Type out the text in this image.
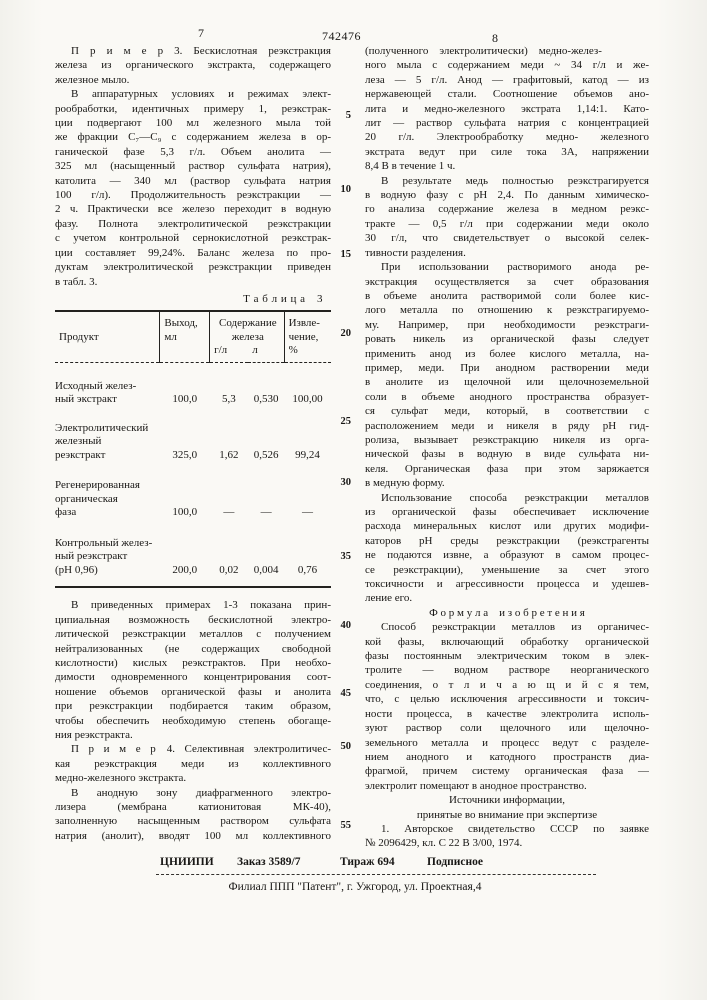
7	742476	8
П р и м е р 3. Бескислотная реэкстракция
железа из органического экстракта, содержащего
железное мыло.
В аппаратурных условиях и режимах элект-
рообработки, идентичных примеру 1, реэкстрак-
ции подвергают 100 мл железного мыла той
же фракции С₇—С₉ с содержанием железа в ор-
ганической фазе 5,3 г/л. Объем анолита —
325 мл (насыщенный раствор сульфата натрия),
католита — 340 мл (раствор сульфата натрия
100 г/л). Продолжительность реэкстракции —
2 ч. Практически все железо переходит в водную
фазу. Полнота электролитической реэкстракции
с учетом контрольной сернокислотной реэкстрак-
ции составляет 99,24%. Баланс железа по про-
дуктам электролитической реэкстракции приведен
в табл. 3.
Т а б л и ц а 3
Продукт	Выход,
мл	Содержание
железа		Извле-
чение,
%
		г/л	л	
Исходный желез-
ный экстракт	100,0	5,3	0,530	100,00
Электролитический
железный
реэкстракт	325,0	1,62	0,526	99,24
Регенерированная
органическая
фаза	100,0	—	—	—
Контрольный желез-
ный реэкстракт
(pH 0,96)	200,0	0,02	0,004	0,76
В приведенных примерах 1-3 показана прин-
ципиальная возможность бескислотной электро-
литической реэкстракции металлов с получением
нейтрализованных (не содержащих свободной
кислотности) кислых реэкстрактов. При необхо-
димости одновременного концентрирования соот-
ношение объемов органической фазы и анолита
при реэкстракции подбирается таким образом,
чтобы обеспечить необходимую степень обогаще-
ния реэкстракта.
П р и м е р 4. Селективная электролитичес-
кая реэкстракция меди из коллективного
медно-железного экстракта.
В анодную зону диафрагменного электро-
лизера (мембрана катионитовая МК-40),
заполненную насыщенным раствором сульфата
натрия (анолит), вводят 100 мл коллективного
(полученного электролитически) медно-желез-
ного мыла с содержанием меди ~ 34 г/л и же-
леза — 5 г/л. Анод — графитовый, катод — из
нержавеющей стали. Соотношение объемов ано-
лита и медно-железного экстрата 1,14:1. Като-
лит — раствор сульфата натрия с концентрацией
20 г/л. Электрообработку медно- железного
экстрата ведут при силе тока 3А, напряжении
8,4 В в течение 1 ч.
В результате медь полностью реэкстрагируется
в водную фазу с рН 2,4. По данным химическо-
го анализа содержание железа в медном реэкс-
тракте — 0,5 г/л при содержании меди около
30 г/л, что свидетельствует о высокой селек-
тивности разделения.
При использовании растворимого анода ре-
экстракция осуществляется за счет образования
в объеме анолита растворимой соли более кис-
лого металла по отношению к реэкстрагируемо-
му. Например, при необходимости реэкстраги-
ровать никель из органической фазы следует
применить анод из более кислого металла, на-
пример, меди. При анодном растворении меди
в анолите из щелочной или щелочноземельной
соли в объеме анодного пространства образует-
ся сульфат меди, который, в соответствии с
расположением меди и никеля в ряду рН гид-
ролиза, вызывает реэкстракцию никеля из орга-
нической фазы в водную в виде сульфата ни-
келя. Органическая фаза при этом заряжается
в медную форму.
Использование способа реэкстракции металлов
из органической фазы обеспечивает исключение
расхода минеральных кислот или других модифи-
каторов рН среды реэкстракции (реэкстрагенты
не подаются извне, а образуют в самом процес-
се реэкстракции), уменьшение за счет этого
токсичности и агрессивности процесса и удешев-
ление его.
Ф о р м у л а и з о б р е т е н и я
Способ реэкстракции металлов из органичес-
кой фазы, включающий обработку органической
фазы постоянным электрическим током в элек-
тролите — водном растворе неорганического
соединения, о т л и ч а ю щ и й с я тем,
что, с целью исключения агрессивности и токсич-
ности процесса, в качестве электролита исполь-
зуют раствор соли щелочного или щелочно-
земельного металла и процесс ведут с разделе-
нием анодного и катодного пространств диа-
фрагмой, причем систему органическая фаза —
электролит помещают в анодное пространство.
Источники информации,
принятые во внимание при экспертизе
1. Авторское свидетельство СССР по заявке
№ 2096429, кл. С 22 В 3/00, 1974.
5
10
15
20
25
30
35
40
45
50
55
ЦНИИПИ Заказ 3589/7	Тираж 694	Подписное
Филиал ППП "Патент", г. Ужгород, ул. Проектная,4
